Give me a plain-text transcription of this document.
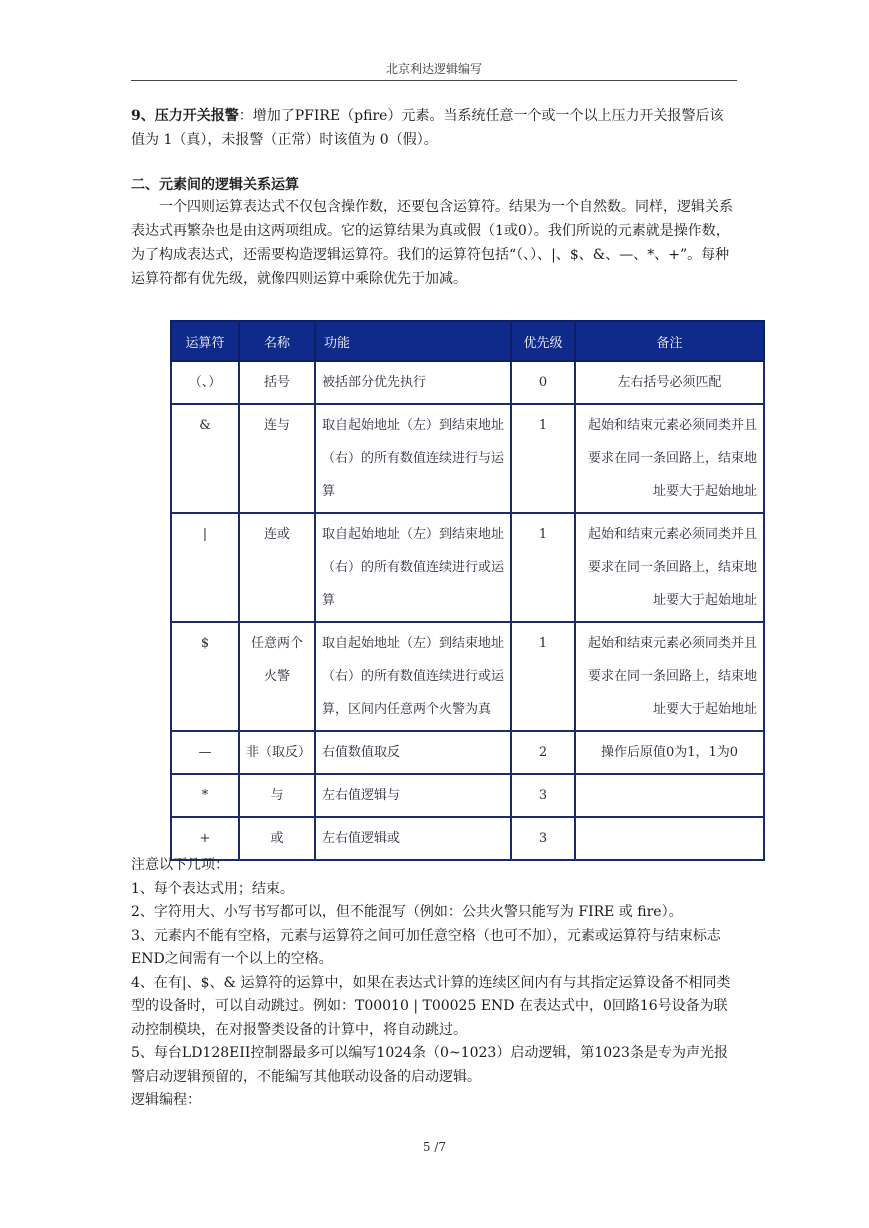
北京利达逻辑编写
9、压力开关报警：增加了PFIRE（pfire）元素。当系统任意一个或一个以上压力开关报警后该值为 1（真），未报警（正常）时该值为 0（假）。
二、元素间的逻辑关系运算
一个四则运算表达式不仅包含操作数，还要包含运算符。结果为一个自然数。同样，逻辑关系表达式再繁杂也是由这两项组成。它的运算结果为真或假（1或0）。我们所说的元素就是操作数，为了构成表达式，还需要构造逻辑运算符。我们的运算符包括“（、）、|、$、&、—、*、+”。每种运算符都有优先级，就像四则运算中乘除优先于加减。
运算符	名称	功能	优先级	备注
（、）	括号	被括部分优先执行	0	左右括号必须匹配
&	连与	取自起始地址（左）到结束地址（右）的所有数值连续进行与运算	1	起始和结束元素必须同类并且要求在同一条回路上，结束地址要大于起始地址
|	连或	取自起始地址（左）到结束地址（右）的所有数值连续进行或运算	1	起始和结束元素必须同类并且要求在同一条回路上，结束地址要大于起始地址
$	任意两个火警	取自起始地址（左）到结束地址（右）的所有数值连续进行或运算，区间内任意两个火警为真	1	起始和结束元素必须同类并且要求在同一条回路上，结束地址要大于起始地址
—	非（取反）	右值数值取反	2	操作后原值0为1，1为0
*	与	左右值逻辑与	3	
+	或	左右值逻辑或	3	
注意以下几项：
1、每个表达式用；结束。
2、字符用大、小写书写都可以，但不能混写（例如：公共火警只能写为 FIRE 或 fire）。
3、元素内不能有空格，元素与运算符之间可加任意空格（也可不加），元素或运算符与结束标志END之间需有一个以上的空格。
4、在有|、$、& 运算符的运算中，如果在表达式计算的连续区间内有与其指定运算设备不相同类型的设备时，可以自动跳过。例如：T00010 | T00025 END 在表达式中，0回路16号设备为联动控制模块，在对报警类设备的计算中，将自动跳过。
5、每台LD128EII控制器最多可以编写1024条（0~1023）启动逻辑，第1023条是专为声光报警启动逻辑预留的，不能编写其他联动设备的启动逻辑。
逻辑编程：
5 /7
